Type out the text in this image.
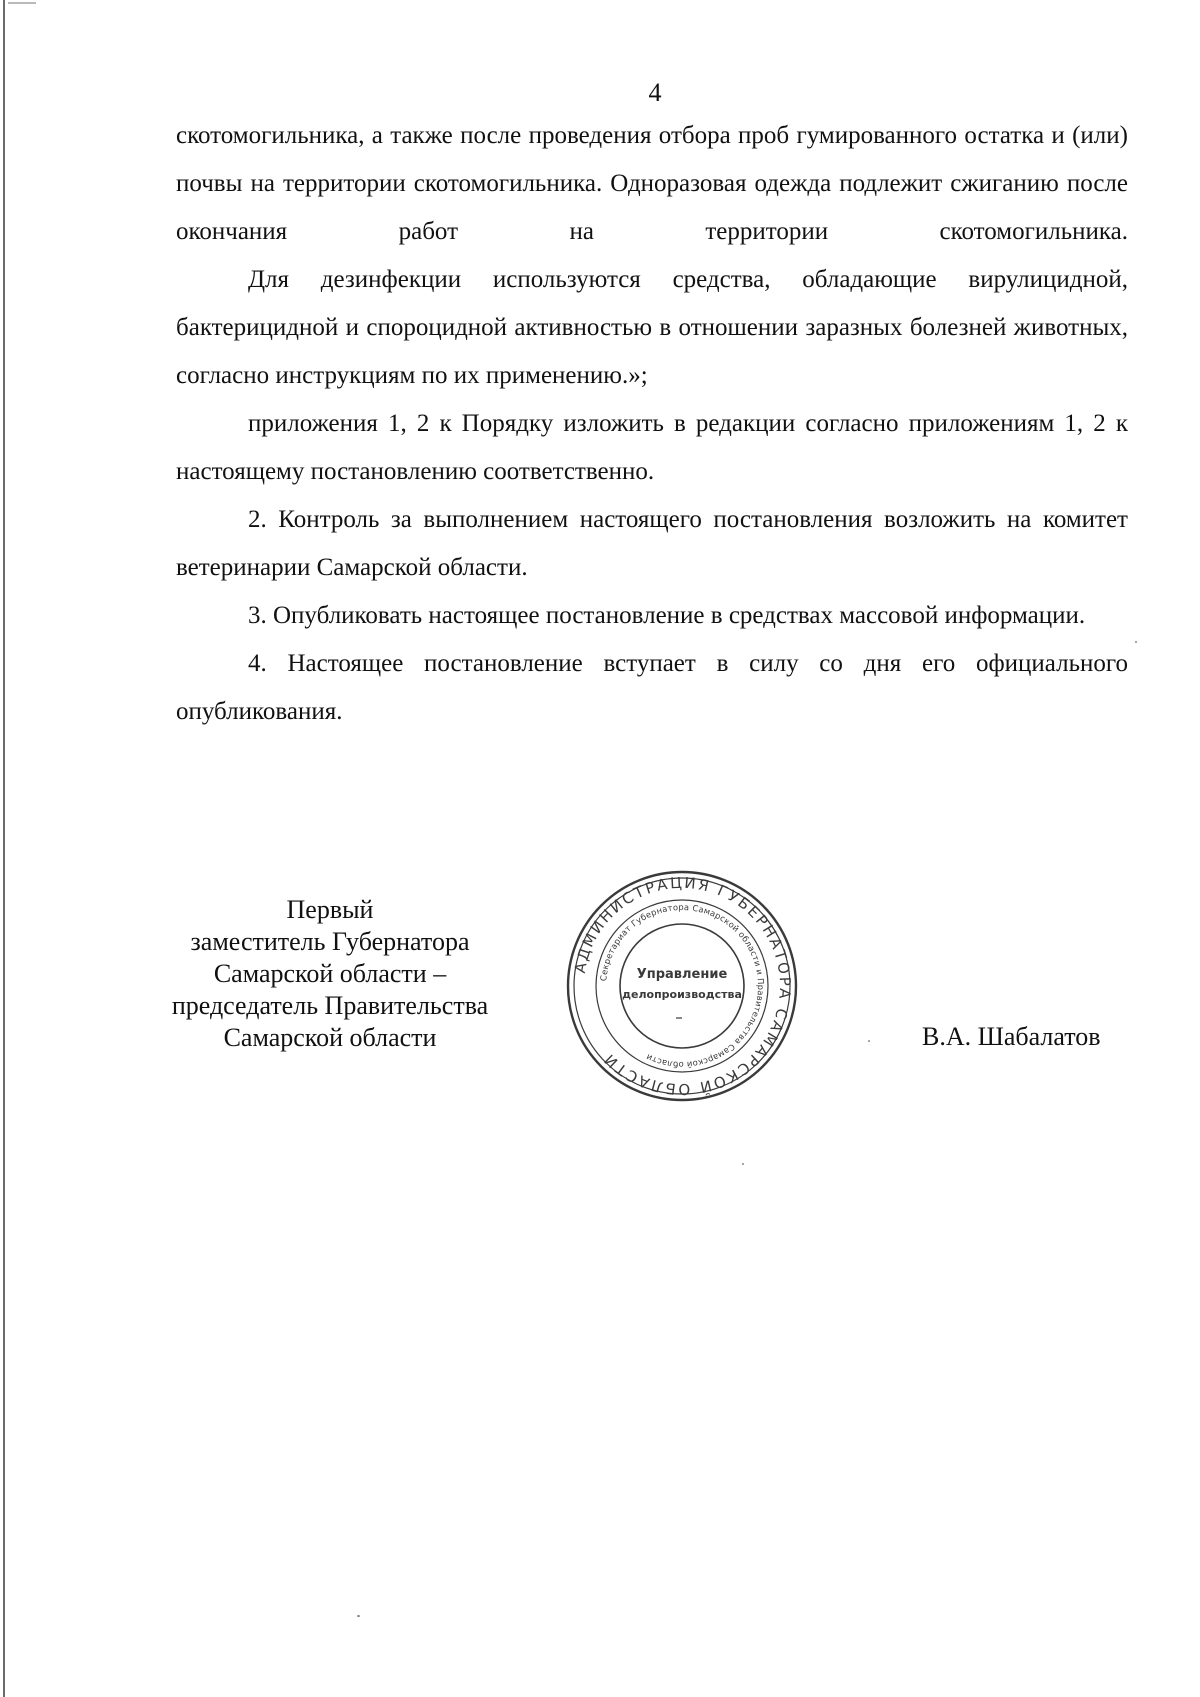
4

скотомогильника, а также после проведения отбора проб гумированного остатка и (или) почвы на территории скотомогильника. Одноразовая одежда подлежит сжиганию после окончания работ на территории скотомогильника.

Для дезинфекции используются средства, обладающие вирулицидной, бактерицидной и спороцидной активностью в отношении заразных болезней животных, согласно инструкциям по их применению.»;

приложения 1, 2 к Порядку изложить в редакции согласно приложениям 1, 2 к настоящему постановлению соответственно.

2. Контроль за выполнением настоящего постановления возложить на комитет ветеринарии Самарской области.

3. Опубликовать настоящее постановление в средствах массовой информации.

4. Настоящее постановление вступает в силу со дня его официального опубликования.

Первый
заместитель Губернатора
Самарской области –
председатель Правительства
Самарской области
АДМИНИСТРАЦИЯ ГУБЕРНАТОРА САМАРСКОЙ ОБЛАСТИ
Секретариат Губернатора Самарской области и Правительства Самарской области
Управление
делопроизводства
В.А. Шабалатов
